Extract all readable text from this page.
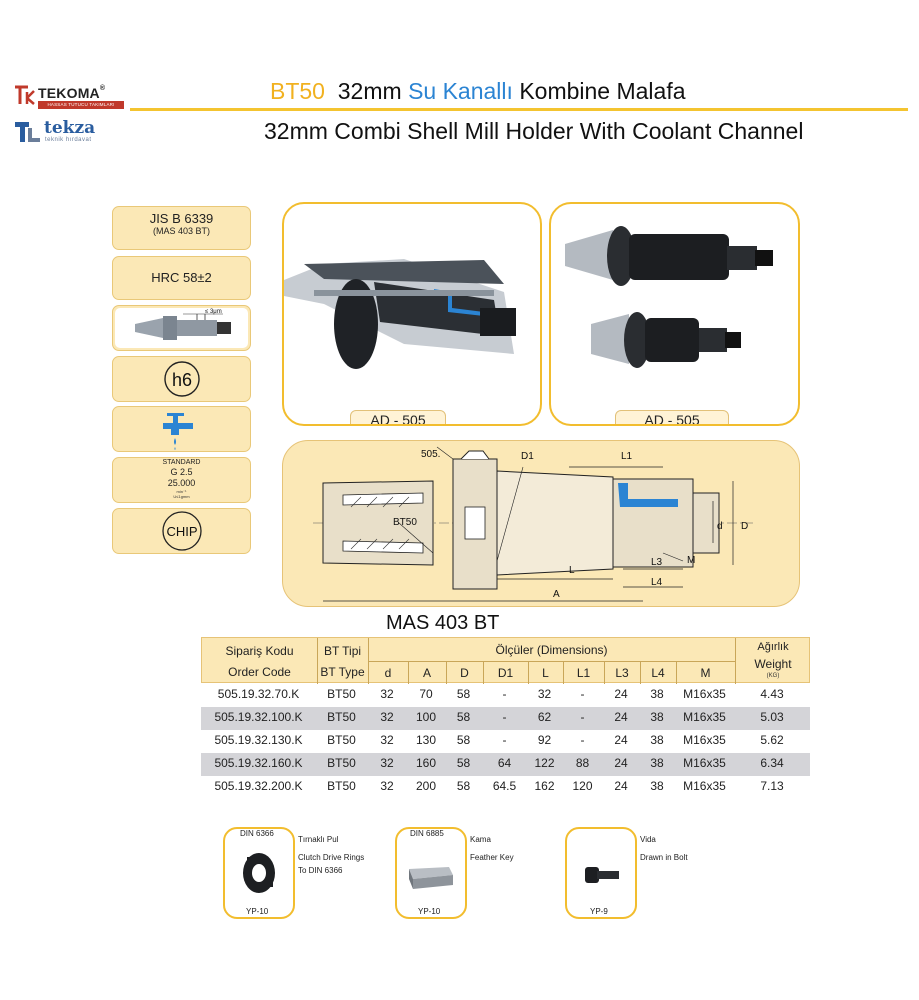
TEKOMA®
HASSAS TUTUCU TAKIMLARI
tekza
teknik hırdavat
BT50 32mm Su Kanallı Kombine Malafa
32mm Combi Shell Mill Holder With Coolant Channel
JIS B 6339
(MAS 403 BT)
HRC 58±2
≤ 3μm
h6
STANDARD
G 2.5
25.000
min⁻¹
U≤1gmm
CHIP
AD - 505	AD - 505
505.
BT50
D1	L1
d D
M
L3
L4
L
A
MAS 403 BT
Sipariş Kodu
Order Code
BT Tipi
BT Type
Ölçüler (Dimensions)	Ağırlık
Weight
(KG)
d	A	D	D1	L	L1	L3	L4	M
505.19.32.70.K	BT50	32	70	58	-	32	-	24	38	M16x35	4.43
505.19.32.100.K	BT50	32	100	58	-	62	-	24	38	M16x35	5.03
505.19.32.130.K	BT50	32	130	58	-	92	-	24	38	M16x35	5.62
505.19.32.160.K	BT50	32	160	58	64	122	88	24	38	M16x35	6.34
505.19.32.200.K	BT50	32	200	58	64.5	162	120	24	38	M16x35	7.13
DIN 6366
YP-10
Tırnaklı Pul
Clutch Drive Rings
To DIN 6366
DIN 6885
YP-10
Kama
Feather Key
YP-9
Vida
Drawn in Bolt
